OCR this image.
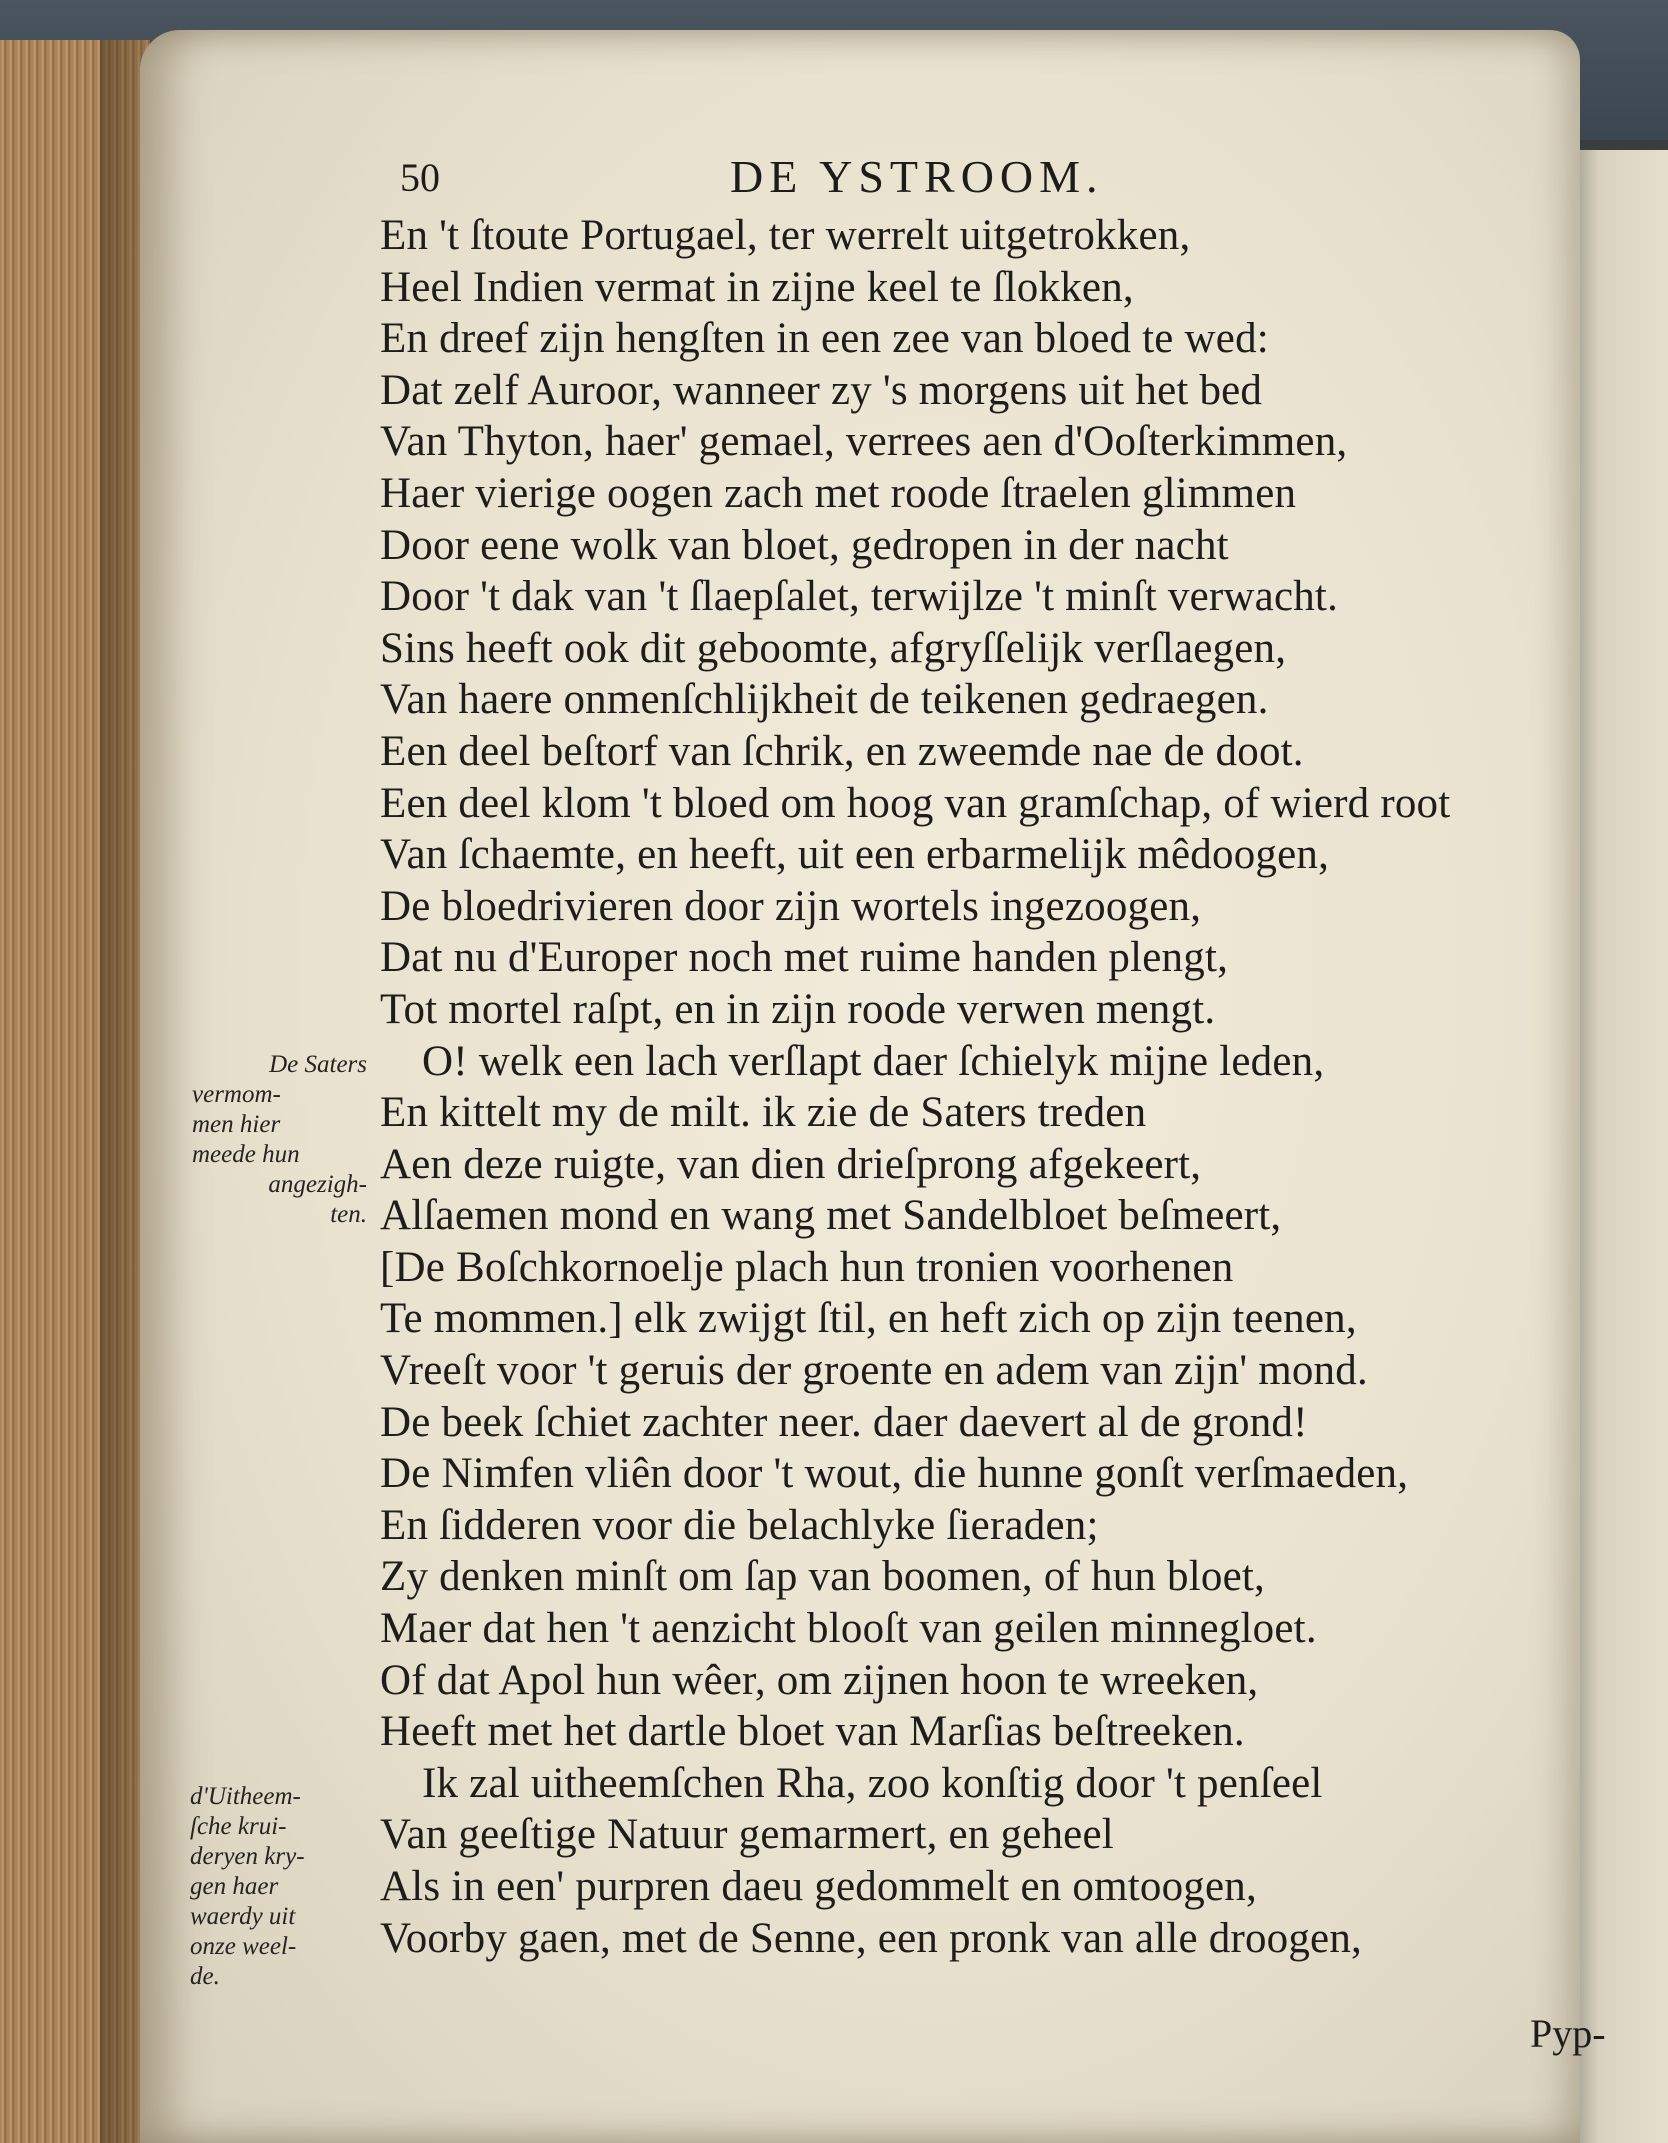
50	DE YSTROOM.
En 't ſtoute Portugael, ter werrelt uitgetrokken,
Heel Indien vermat in zijne keel te ſlokken,
En dreef zijn hengſten in een zee van bloed te wed:
Dat zelf Auroor, wanneer zy 's morgens uit het bed
Van Thyton, haer' gemael, verrees aen d'Ooſterkimmen,
Haer vierige oogen zach met roode ſtraelen glimmen
Door eene wolk van bloet, gedropen in der nacht
Door 't dak van 't ſlaepſalet, terwijlze 't minſt verwacht.
Sins heeft ook dit geboomte, afgryſſelijk verſlaegen,
Van haere onmenſchlijkheit de teikenen gedraegen.
Een deel beſtorf van ſchrik, en zweemde nae de doot.
Een deel klom 't bloed om hoog van gramſchap, of wierd root
Van ſchaemte, en heeft, uit een erbarmelijk mêdoogen,
De bloedrivieren door zijn wortels ingezoogen,
Dat nu d'Europer noch met ruime handen plengt,
Tot mortel raſpt, en in zijn roode verwen mengt.
O! welk een lach verſlapt daer ſchielyk mijne leden,
En kittelt my de milt. ik zie de Saters treden
Aen deze ruigte, van dien drieſprong afgekeert,
Alſaemen mond en wang met Sandelbloet beſmeert,
[De Boſchkornoelje plach hun tronien voorhenen
Te mommen.] elk zwijgt ſtil, en heft zich op zijn teenen,
Vreeſt voor 't geruis der groente en adem van zijn' mond.
De beek ſchiet zachter neer. daer daevert al de grond!
De Nimfen vliên door 't wout, die hunne gonſt verſmaeden,
En ſidderen voor die belachlyke ſieraden;
Zy denken minſt om ſap van boomen, of hun bloet,
Maer dat hen 't aenzicht blooſt van geilen minnegloet.
Of dat Apol hun wêer, om zijnen hoon te wreeken,
Heeft met het dartle bloet van Marſias beſtreeken.
Ik zal uitheemſchen Rha, zoo konſtig door 't penſeel
Van geeſtige Natuur gemarmert, en geheel
Als in een' purpren daeu gedommelt en omtoogen,
Voorby gaen, met de Senne, een pronk van alle droogen,
De Saters
vermom-
men hier
meede hun
angezigh-
ten.
d'Uitheem-
ſche krui-
deryen kry-
gen haer
waerdy uit
onze weel-
de.
Pyp-
